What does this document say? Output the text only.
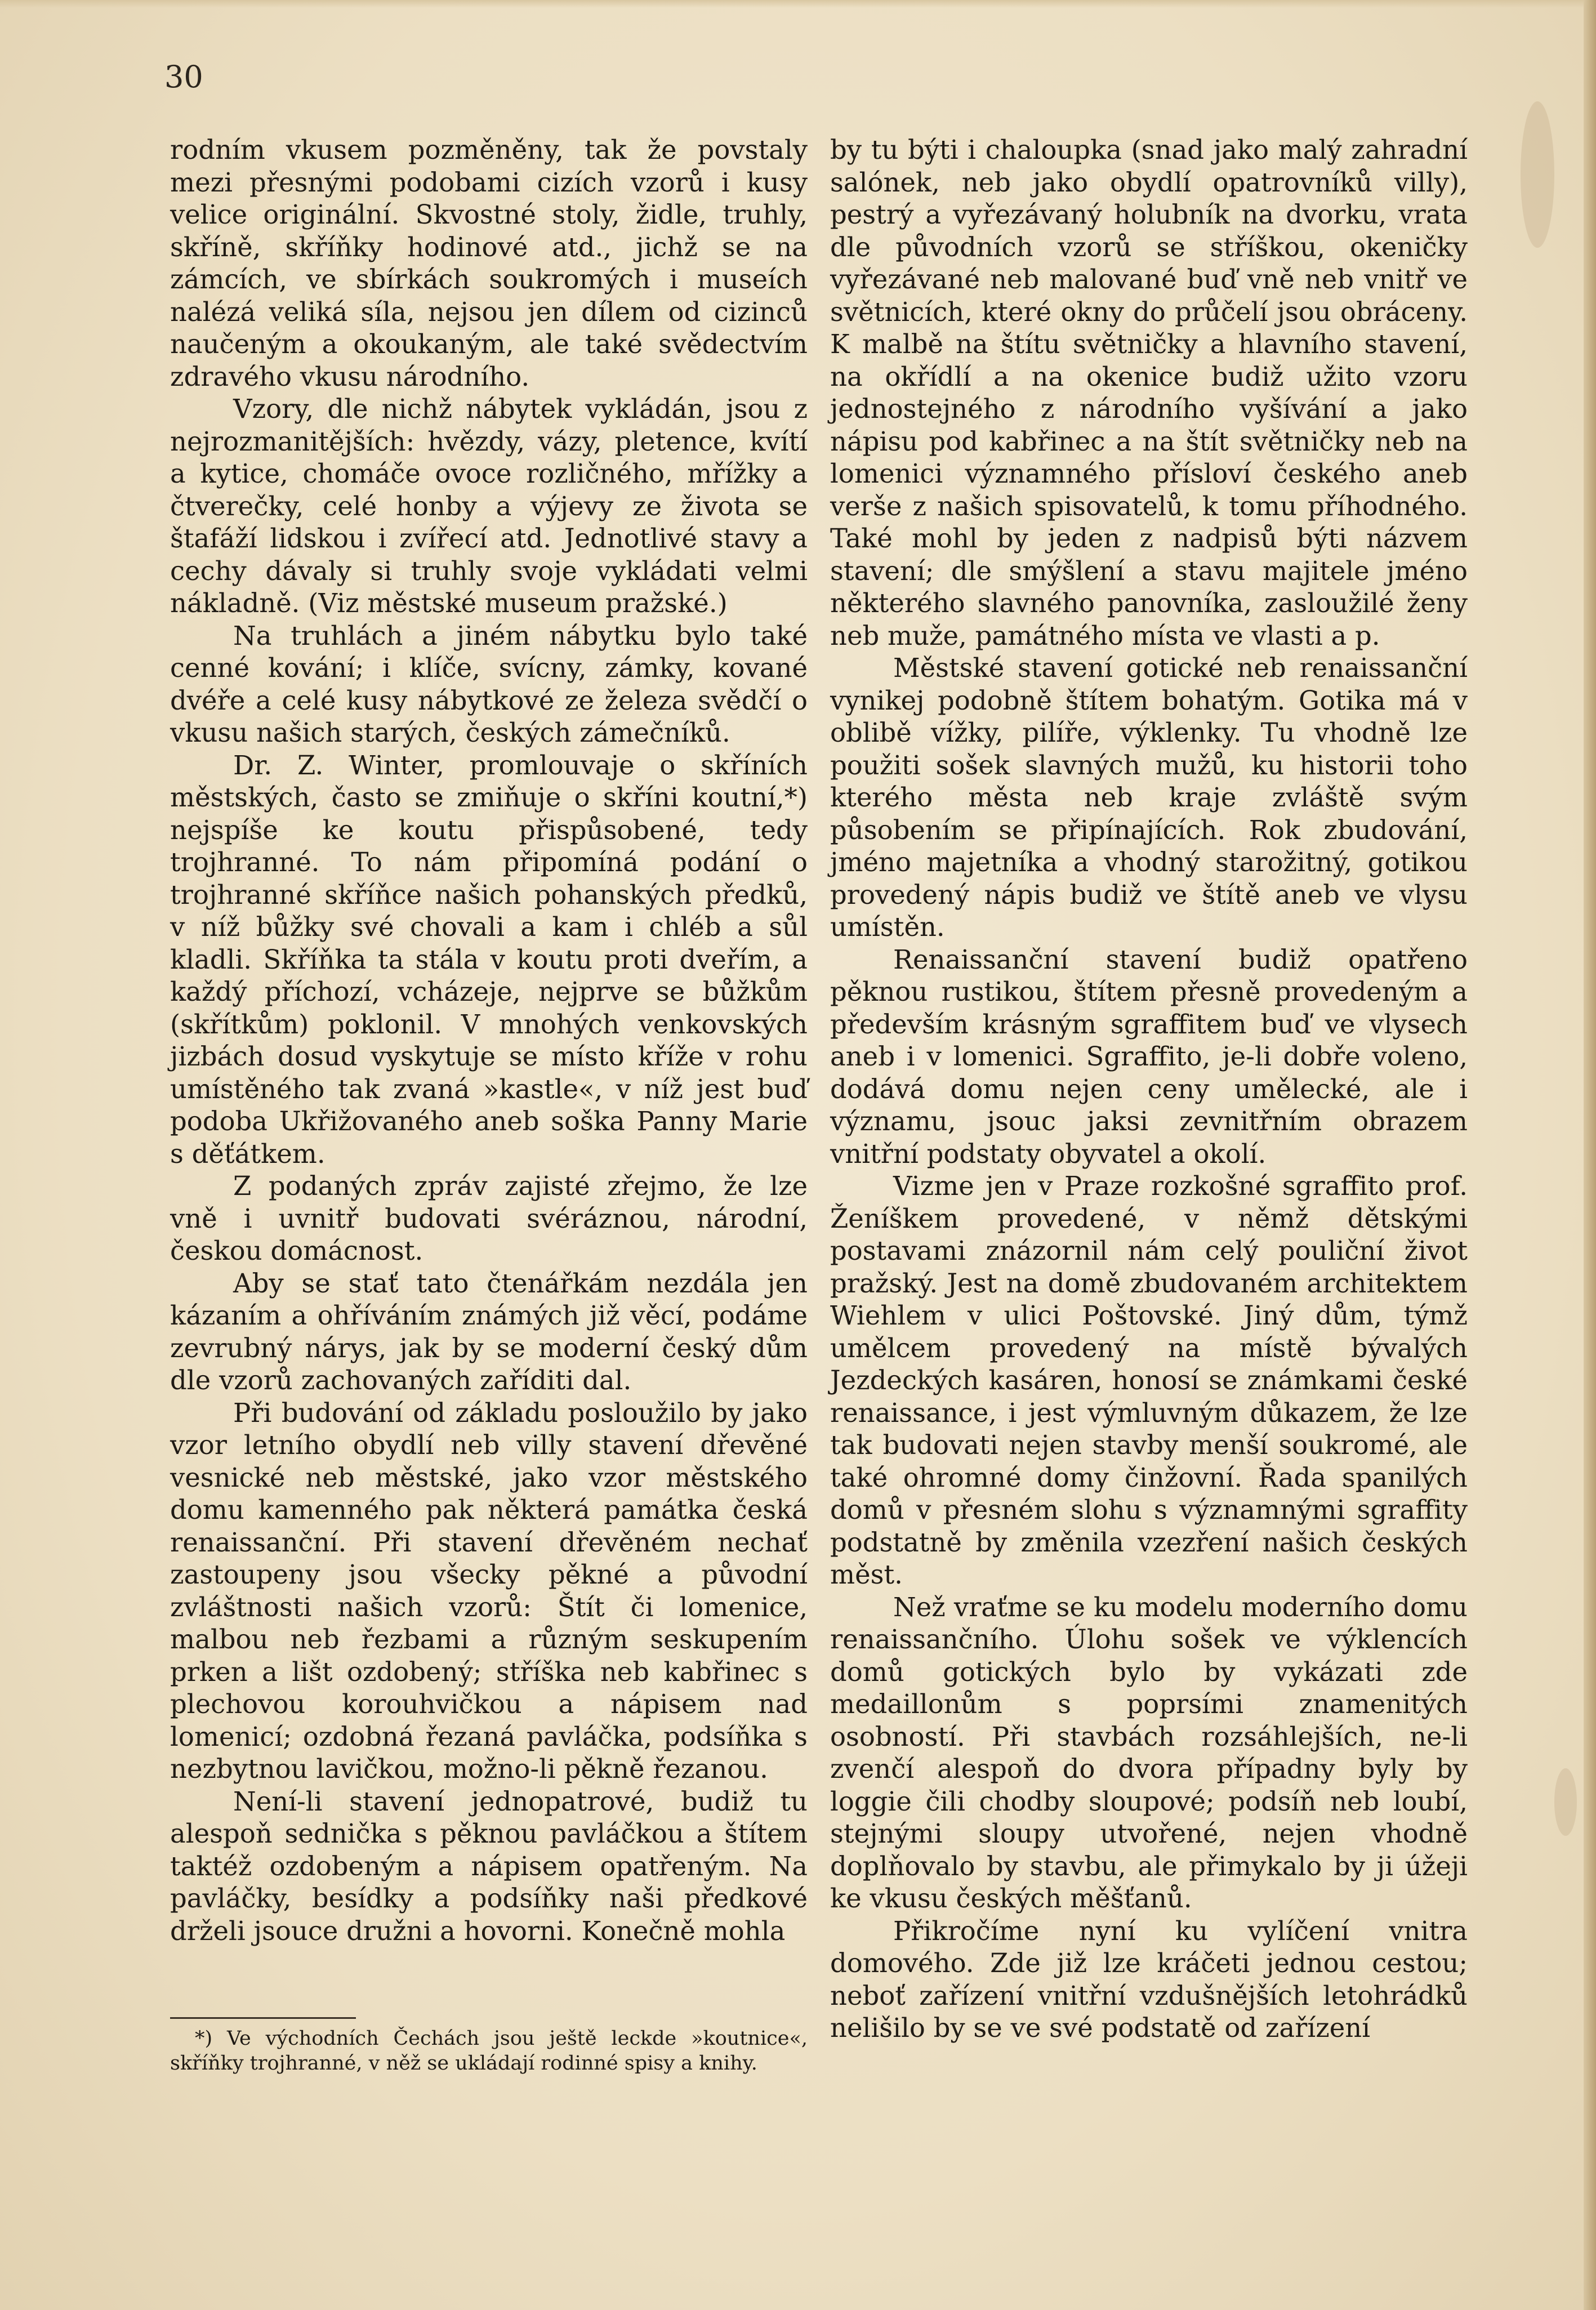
30

rodním vkusem pozměněny, tak že povstaly mezi přesnými podobami cizích vzorů i kusy velice originální. Skvostné stoly, židle, truhly, skříně, skříňky hodinové atd., jichž se na zámcích, ve sbírkách soukromých i museích nalézá veliká síla, nejsou jen dílem od cizinců naučeným a okoukaným, ale také svědectvím zdravého vkusu národního.

Vzory, dle nichž nábytek vykládán, jsou z nejrozmanitějších: hvězdy, vázy, pletence, kvítí a kytice, chomáče ovoce rozličného, mřížky a čtverečky, celé honby a výjevy ze života se štafáží lidskou i zvířecí atd. Jednotlivé stavy a cechy dávaly si truhly svoje vykládati velmi nákladně. (Viz městské museum pražské.)

Na truhlách a jiném nábytku bylo také cenné kování; i klíče, svícny, zámky, kované dvéře a celé kusy nábytkové ze železa svědčí o vkusu našich starých, českých zámečníků.

Dr. Z. Winter, promlouvaje o skříních městských, často se zmiňuje o skříni koutní,*) nejspíše ke koutu přispůsobené, tedy trojhranné. To nám připomíná podání o trojhranné skříňce našich pohanských předků, v níž bůžky své chovali a kam i chléb a sůl kladli. Skříňka ta stála v koutu proti dveřím, a každý příchozí, vcházeje, nejprve se bůžkům (skřítkům) poklonil. V mnohých venkovských jizbách dosud vyskytuje se místo kříže v rohu umístěného tak zvaná »kastle«, v níž jest buď podoba Ukřižovaného aneb soška Panny Marie s děťátkem.

Z podaných zpráv zajisté zřejmo, že lze vně i uvnitř budovati svéráznou, národní, českou domácnost.

Aby se stať tato čtenářkám nezdála jen kázaním a ohříváním známých již věcí, podáme zevrubný nárys, jak by se moderní český dům dle vzorů zachovaných zaříditi dal.

Při budování od základu posloužilo by jako vzor letního obydlí neb villy stavení dřevěné vesnické neb městské, jako vzor městského domu kamenného pak některá památka česká renaissanční. Při stavení dřevěném nechať zastoupeny jsou všecky pěkné a původní zvláštnosti našich vzorů: Štít či lomenice, malbou neb řezbami a různým seskupením prken a lišt ozdobený; stříška neb kabřinec s plechovou korouhvičkou a nápisem nad lomenicí; ozdobná řezaná pavláčka, podsíňka s nezbytnou lavičkou, možno-li pěkně řezanou.

Není-li stavení jednopatrové, budiž tu alespoň sednička s pěknou pavláčkou a štítem taktéž ozdobeným a nápisem opatřeným. Na pavláčky, besídky a podsíňky naši předkové drželi jsouce družni a hovorni. Konečně mohla

by tu býti i chaloupka (snad jako malý zahradní salónek, neb jako obydlí opatrovníků villy), pestrý a vyřezávaný holubník na dvorku, vrata dle původních vzorů se stříškou, okeničky vyřezávané neb malované buď vně neb vnitř ve světnicích, které okny do průčelí jsou obráceny. K malbě na štítu světničky a hlavního stavení, na okřídlí a na okenice budiž užito vzoru jednostejného z národního vyšívání a jako nápisu pod kabřinec a na štít světničky neb na lomenici významného přísloví českého aneb verše z našich spisovatelů, k tomu příhodného. Také mohl by jeden z nadpisů býti názvem stavení; dle smýšlení a stavu majitele jméno některého slavného panovníka, zasloužilé ženy neb muže, památného místa ve vlasti a p.

Městské stavení gotické neb renaissanční vynikej podobně štítem bohatým. Gotika má v oblibě vížky, pilíře, výklenky. Tu vhodně lze použiti sošek slavných mužů, ku historii toho kterého města neb kraje zvláště svým působením se připínajících. Rok zbudování, jméno majetníka a vhodný starožitný, gotikou provedený nápis budiž ve štítě aneb ve vlysu umístěn.

Renaissanční stavení budiž opatřeno pěknou rustikou, štítem přesně provedeným a především krásným sgraffitem buď ve vlysech aneb i v lomenici. Sgraffito, je-li dobře voleno, dodává domu nejen ceny umělecké, ale i významu, jsouc jaksi zevnitřním obrazem vnitřní podstaty obyvatel a okolí.

Vizme jen v Praze rozkošné sgraffito prof. Ženíškem provedené, v němž dětskými postavami znázornil nám celý pouliční život pražský. Jest na domě zbudovaném architektem Wiehlem v ulici Poštovské. Jiný dům, týmž umělcem provedený na místě bývalých Jezdeckých kasáren, honosí se známkami české renaissance, i jest výmluvným důkazem, že lze tak budovati nejen stavby menší soukromé, ale také ohromné domy činžovní. Řada spanilých domů v přesném slohu s významnými sgraffity podstatně by změnila vzezření našich českých měst.

Než vraťme se ku modelu moderního domu renaissančního. Úlohu sošek ve výklencích domů gotických bylo by vykázati zde medaillonům s poprsími znamenitých osobností. Při stavbách rozsáhlejších, ne-li zvenčí alespoň do dvora případny byly by loggie čili chodby sloupové; podsíň neb loubí, stejnými sloupy utvořené, nejen vhodně doplňovalo by stavbu, ale přimykalo by ji úžeji ke vkusu českých měšťanů.

Přikročíme nyní ku vylíčení vnitra domového. Zde již lze kráčeti jednou cestou; neboť zařízení vnitřní vzdušnějších letohrádků nelišilo by se ve své podstatě od zařízení

*) Ve východních Čechách jsou ještě leckde »koutnice«, skříňky trojhranné, v něž se ukládají rodinné spisy a knihy.
